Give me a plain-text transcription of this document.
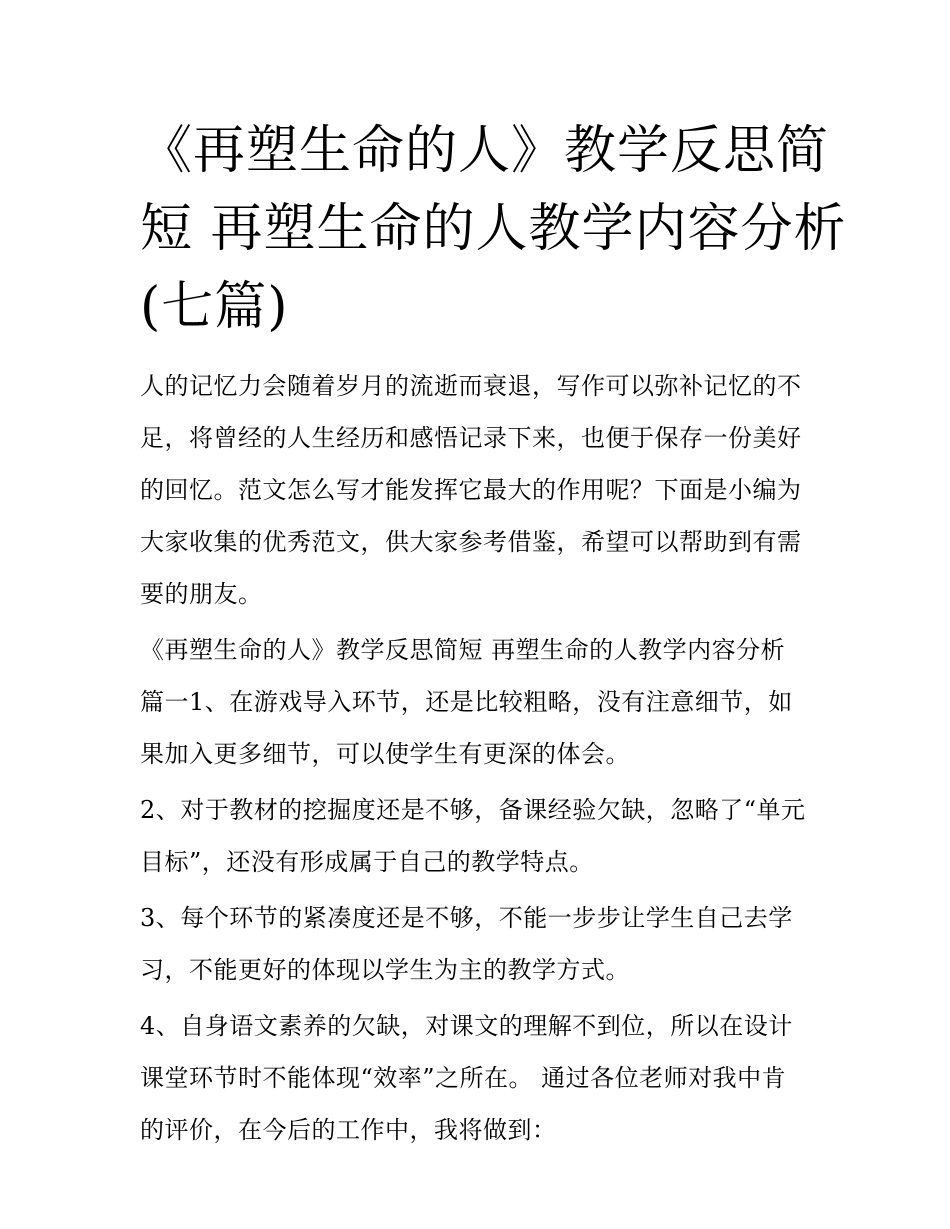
《再塑生命的人》教学反思简
短 再塑生命的人教学内容分析
(七篇)

人的记忆力会随着岁月的流逝而衰退，写作可以弥补记忆的不
足，将曾经的人生经历和感悟记录下来，也便于保存一份美好
的回忆。范文怎么写才能发挥它最大的作用呢？下面是小编为
大家收集的优秀范文，供大家参考借鉴，希望可以帮助到有需
要的朋友。

《再塑生命的人》教学反思简短 再塑生命的人教学内容分析
篇一1、在游戏导入环节，还是比较粗略，没有注意细节，如
果加入更多细节，可以使学生有更深的体会。

2、对于教材的挖掘度还是不够，备课经验欠缺，忽略了“单元
目标”，还没有形成属于自己的教学特点。

3、每个环节的紧凑度还是不够，不能一步步让学生自己去学
习，不能更好的体现以学生为主的教学方式。

4、自身语文素养的欠缺，对课文的理解不到位，所以在设计
课堂环节时不能体现“效率”之所在。 通过各位老师对我中肯
的评价，在今后的工作中，我将做到：
